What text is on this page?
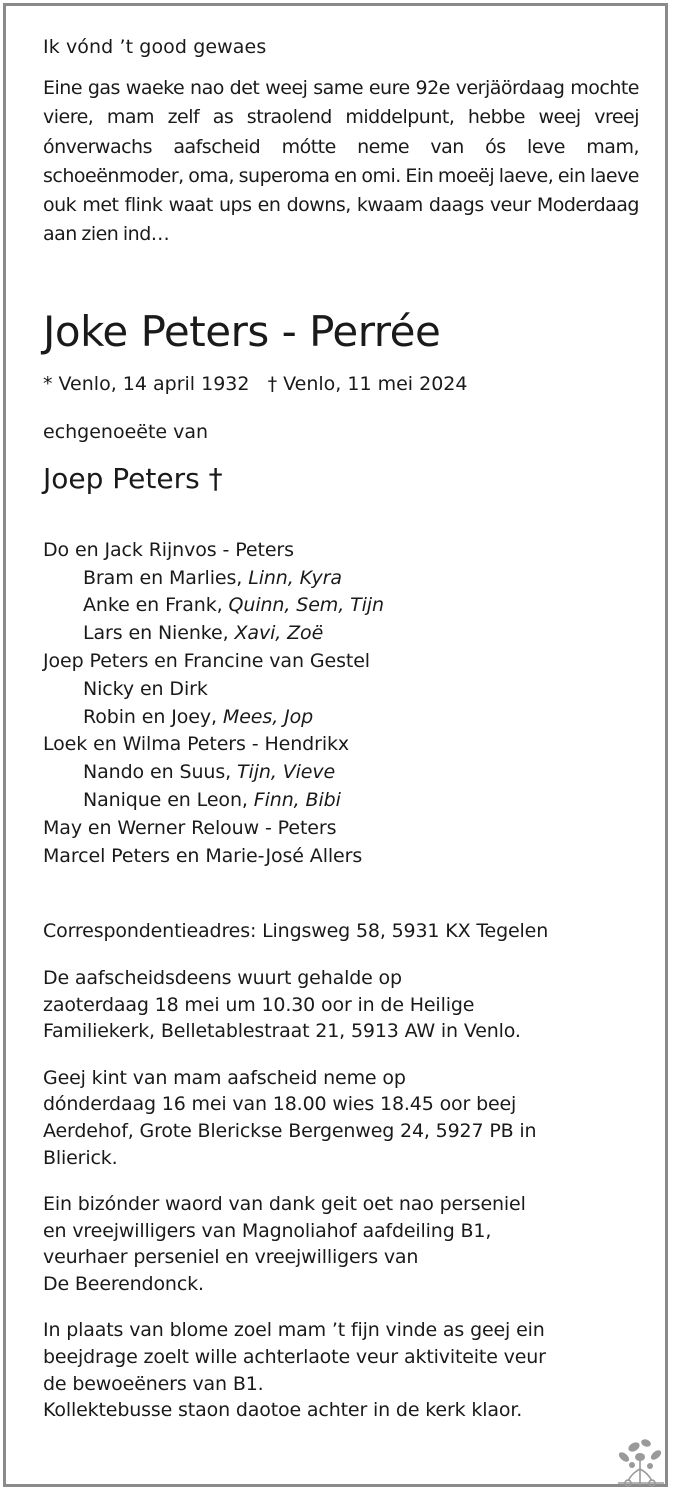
Ik vónd ’t good gewaes

Eine gas waeke nao det weej same eure 92e verjäördaag mochte viere, mam zelf as straolend middelpunt, hebbe weej vreej ónverwachs aafscheid mótte neme van ós leve mam, schoeënmoder, oma, superoma en omi. Ein moeëj laeve, ein laeve ouk met flink waat ups en downs, kwaam daags veur Moderdaag aan zien ind…

Joke Peters - Perrée

* Venlo, 14 april 1932 † Venlo, 11 mei 2024

echgenoeëte van

Joep Peters †

Do en Jack Rijnvos - Peters
Bram en Marlies, Linn, Kyra
Anke en Frank, Quinn, Sem, Tijn
Lars en Nienke, Xavi, Zoë
Joep Peters en Francine van Gestel
Nicky en Dirk
Robin en Joey, Mees, Jop
Loek en Wilma Peters - Hendrikx
Nando en Suus, Tijn, Vieve
Nanique en Leon, Finn, Bibi
May en Werner Relouw - Peters
Marcel Peters en Marie-José Allers

Correspondentieadres: Lingsweg 58, 5931 KX Tegelen

De aafscheidsdeens wuurt gehalde op
zaoterdaag 18 mei um 10.30 oor in de Heilige
Familiekerk, Belletablestraat 21, 5913 AW in Venlo.

Geej kint van mam aafscheid neme op
dónderdaag 16 mei van 18.00 wies 18.45 oor beej
Aerdehof, Grote Blerickse Bergenweg 24, 5927 PB in
Blierick.

Ein bizónder waord van dank geit oet nao perseniel
en vreejwilligers van Magnoliahof aafdeiling B1,
veurhaer perseniel en vreejwilligers van
De Beerendonck.

In plaats van blome zoel mam ’t fijn vinde as geej ein
beejdrage zoelt wille achterlaote veur aktiviteite veur
de bewoeëners van B1.
Kollektebusse staon daotoe achter in de kerk klaor.
